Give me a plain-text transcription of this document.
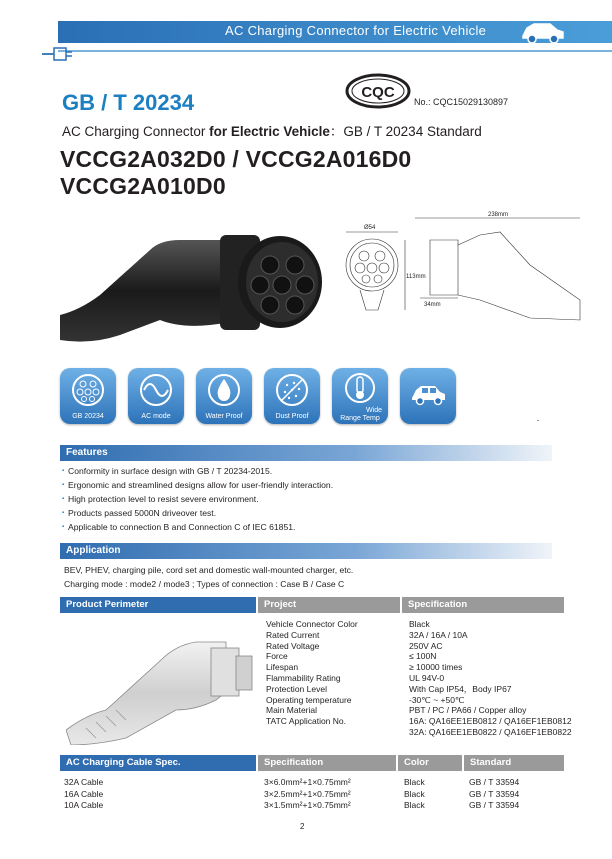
AC Charging Connector for Electric Vehicle
GB / T 20234	CQC
No.: CQC15029130897
AC Charging Connector for Electric Vehicle：GB / T 20234 Standard
VCCG2A032D0 / VCCG2A016D0
VCCG2A010D0
238mm
Ø54
113mm
34mm
GB 20234	AC mode	Water Proof	Dust Proof
Wide
Range Temp
Features
▪ Conformity in surface design with GB / T 20234-2015.
▪ Ergonomic and streamlined designs allow for user-friendly interaction.
▪ High protection level to resist severe environment.
▪ Products passed 5000N driveover test.
▪ Applicable to connection B and Connection C of IEC 61851.
Application
BEV, PHEV, charging pile, cord set and domestic wall-mounted charger, etc.
Charging mode : mode2 / mode3 ; Types of connection : Case B / Case C
Product Perimeter	Project	Specification
Vehicle Connector Color	Black
Rated Current	32A / 16A / 10A
Rated Voltage	250V AC
Force	≤ 100N
Lifespan	≥ 10000 times
Flammability Rating	UL 94V-0
Protection Level	With Cap IP54，Body IP67
Operating temperature	-30℃ ~ +50℃
Main Material	PBT / PC / PA66 / Copper alloy
TATC Application No.	16A: QA16EE1EB0812 / QA16EF1EB0812
32A: QA16EE1EB0822 / QA16EF1EB0822
AC Charging Cable Spec.	Specification	Color	Standard
32A Cable	3×6.0mm²+1×0.75mm²	Black	GB / T 33594
16A Cable	3×2.5mm²+1×0.75mm²	Black	GB / T 33594
10A Cable	3×1.5mm²+1×0.75mm²	Black	GB / T 33594
2
